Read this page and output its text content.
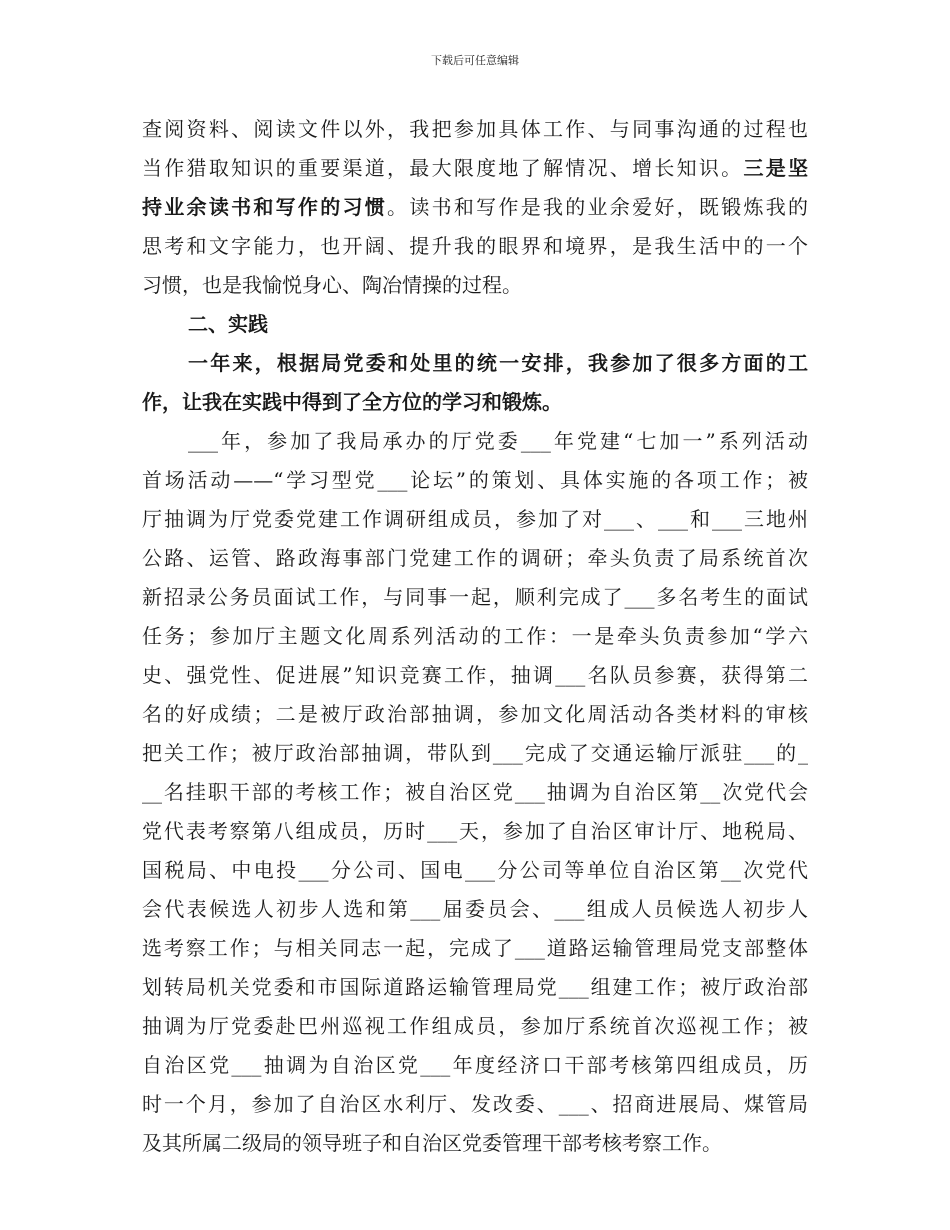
下载后可任意编辑
查阅资料、阅读文件以外，我把参加具体工作、与同事沟通的过程也
当作猎取知识的重要渠道，最大限度地了解情况、增长知识。三是坚
持业余读书和写作的习惯。读书和写作是我的业余爱好，既锻炼我的
思考和文字能力，也开阔、提升我的眼界和境界，是我生活中的一个
习惯，也是我愉悦身心、陶冶情操的过程。
二、实践
一年来，根据局党委和处里的统一安排，我参加了很多方面的工
作，让我在实践中得到了全方位的学习和锻炼。
___年，参加了我局承办的厅党委___年党建“七加一”系列活动
首场活动——“学习型党___论坛”的策划、具体实施的各项工作；被
厅抽调为厅党委党建工作调研组成员，参加了对___、___和___三地州
公路、运管、路政海事部门党建工作的调研；牵头负责了局系统首次
新招录公务员面试工作，与同事一起，顺利完成了___多名考生的面试
任务；参加厅主题文化周系列活动的工作：一是牵头负责参加“学六
史、强党性、促进展”知识竞赛工作，抽调___名队员参赛，获得第二
名的好成绩；二是被厅政治部抽调，参加文化周活动各类材料的审核
把关工作；被厅政治部抽调，带队到___完成了交通运输厅派驻___的_
__名挂职干部的考核工作；被自治区党___抽调为自治区第__次党代会
党代表考察第八组成员，历时___天，参加了自治区审计厅、地税局、
国税局、中电投___分公司、国电___分公司等单位自治区第__次党代
会代表候选人初步人选和第___届委员会、___组成人员候选人初步人
选考察工作；与相关同志一起，完成了___道路运输管理局党支部整体
划转局机关党委和市国际道路运输管理局党___组建工作；被厅政治部
抽调为厅党委赴巴州巡视工作组成员，参加厅系统首次巡视工作；被
自治区党___抽调为自治区党___年度经济口干部考核第四组成员，历
时一个月，参加了自治区水利厅、发改委、___、招商进展局、煤管局
及其所属二级局的领导班子和自治区党委管理干部考核考察工作。
